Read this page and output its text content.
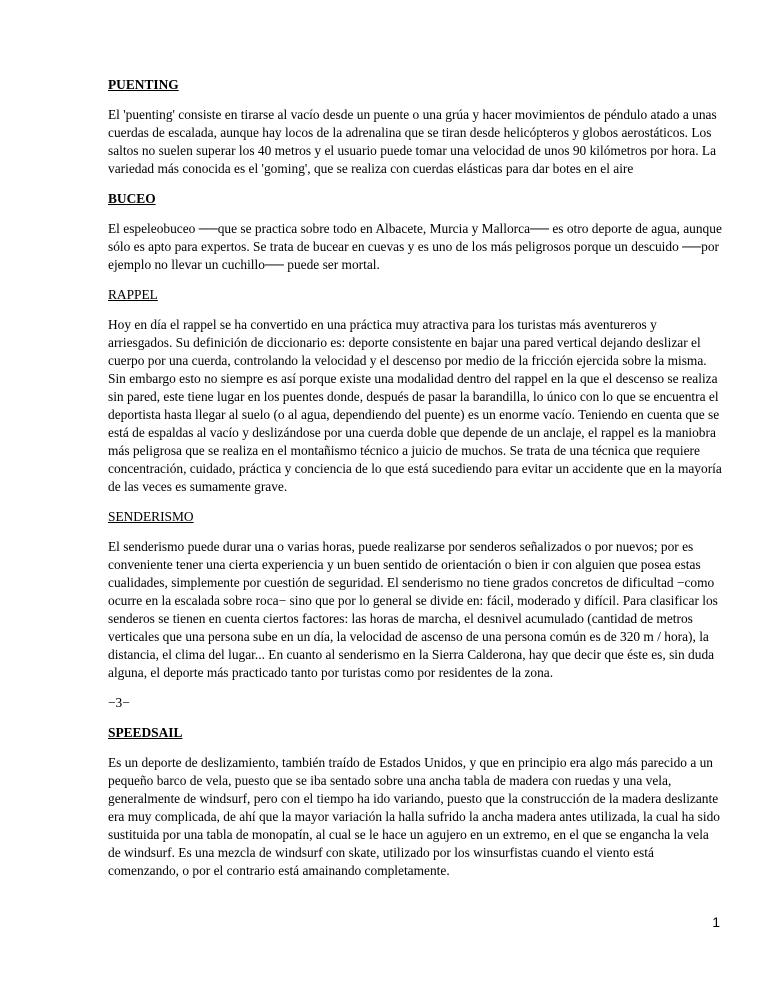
PUENTING

El 'puenting' consiste en tirarse al vacío desde un puente o una grúa y hacer movimientos de péndulo atado a unas cuerdas de escalada, aunque hay locos de la adrenalina que se tiran desde helicópteros y globos aerostáticos. Los saltos no suelen superar los 40 metros y el usuario puede tomar una velocidad de unos 90 kilómetros por hora. La variedad más conocida es el 'goming', que se realiza con cuerdas elásticas para dar botes en el aire

BUCEO

El espeleobuceo ──que se practica sobre todo en Albacete, Murcia y Mallorca── es otro deporte de agua, aunque sólo es apto para expertos. Se trata de bucear en cuevas y es uno de los más peligrosos porque un descuido ──por ejemplo no llevar un cuchillo── puede ser mortal.

RAPPEL

Hoy en día el rappel se ha convertido en una práctica muy atractiva para los turistas más aventureros y arriesgados. Su definición de diccionario es: deporte consistente en bajar una pared vertical dejando deslizar el cuerpo por una cuerda, controlando la velocidad y el descenso por medio de la fricción ejercida sobre la misma. Sin embargo esto no siempre es así porque existe una modalidad dentro del rappel en la que el descenso se realiza sin pared, este tiene lugar en los puentes donde, después de pasar la barandilla, lo único con lo que se encuentra el deportista hasta llegar al suelo (o al agua, dependiendo del puente) es un enorme vacío. Teniendo en cuenta que se está de espaldas al vacío y deslizándose por una cuerda doble que depende de un anclaje, el rappel es la maniobra más peligrosa que se realiza en el montañismo técnico a juicio de muchos. Se trata de una técnica que requiere concentración, cuidado, práctica y conciencia de lo que está sucediendo para evitar un accidente que en la mayoría de las veces es sumamente grave.

SENDERISMO

El senderismo puede durar una o varias horas, puede realizarse por senderos señalizados o por nuevos; por es conveniente tener una cierta experiencia y un buen sentido de orientación o bien ir con alguien que posea estas cualidades, simplemente por cuestión de seguridad. El senderismo no tiene grados concretos de dificultad −como ocurre en la escalada sobre roca− sino que por lo general se divide en: fácil, moderado y difícil. Para clasificar los senderos se tienen en cuenta ciertos factores: las horas de marcha, el desnivel acumulado (cantidad de metros verticales que una persona sube en un día, la velocidad de ascenso de una persona común es de 320 m / hora), la distancia, el clima del lugar... En cuanto al senderismo en la Sierra Calderona, hay que decir que éste es, sin duda alguna, el deporte más practicado tanto por turistas como por residentes de la zona.

−3−
SPEEDSAIL

Es un deporte de deslizamiento, también traído de Estados Unidos, y que en principio era algo más parecido a un pequeño barco de vela, puesto que se iba sentado sobre una ancha tabla de madera con ruedas y una vela, generalmente de windsurf, pero con el tiempo ha ido variando, puesto que la construcción de la madera deslizante era muy complicada, de ahí que la mayor variación la halla sufrido la ancha madera antes utilizada, la cual ha sido sustituida por una tabla de monopatín, al cual se le hace un agujero en un extremo, en el que se engancha la vela de windsurf. Es una mezcla de windsurf con skate, utilizado por los winsurfistas cuando el viento está comenzando, o por el contrario está amainando completamente.

1
